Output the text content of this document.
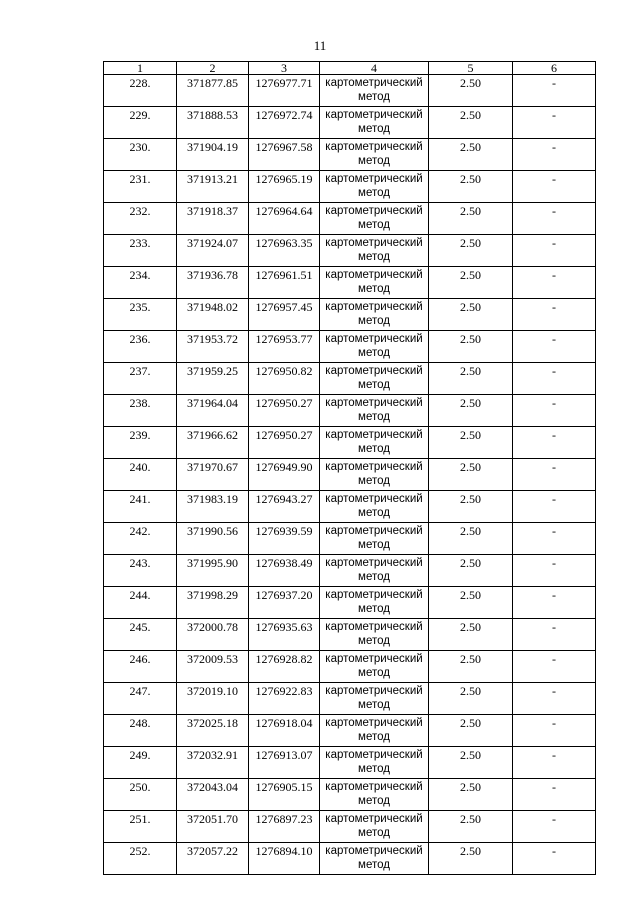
11
1	2	3	4	5	6
228.	371877.85	1276977.71	картометрический метод	2.50	-
229.	371888.53	1276972.74	картометрический метод	2.50	-
230.	371904.19	1276967.58	картометрический метод	2.50	-
231.	371913.21	1276965.19	картометрический метод	2.50	-
232.	371918.37	1276964.64	картометрический метод	2.50	-
233.	371924.07	1276963.35	картометрический метод	2.50	-
234.	371936.78	1276961.51	картометрический метод	2.50	-
235.	371948.02	1276957.45	картометрический метод	2.50	-
236.	371953.72	1276953.77	картометрический метод	2.50	-
237.	371959.25	1276950.82	картометрический метод	2.50	-
238.	371964.04	1276950.27	картометрический метод	2.50	-
239.	371966.62	1276950.27	картометрический метод	2.50	-
240.	371970.67	1276949.90	картометрический метод	2.50	-
241.	371983.19	1276943.27	картометрический метод	2.50	-
242.	371990.56	1276939.59	картометрический метод	2.50	-
243.	371995.90	1276938.49	картометрический метод	2.50	-
244.	371998.29	1276937.20	картометрический метод	2.50	-
245.	372000.78	1276935.63	картометрический метод	2.50	-
246.	372009.53	1276928.82	картометрический метод	2.50	-
247.	372019.10	1276922.83	картометрический метод	2.50	-
248.	372025.18	1276918.04	картометрический метод	2.50	-
249.	372032.91	1276913.07	картометрический метод	2.50	-
250.	372043.04	1276905.15	картометрический метод	2.50	-
251.	372051.70	1276897.23	картометрический метод	2.50	-
252.	372057.22	1276894.10	картометрический метод	2.50	-
